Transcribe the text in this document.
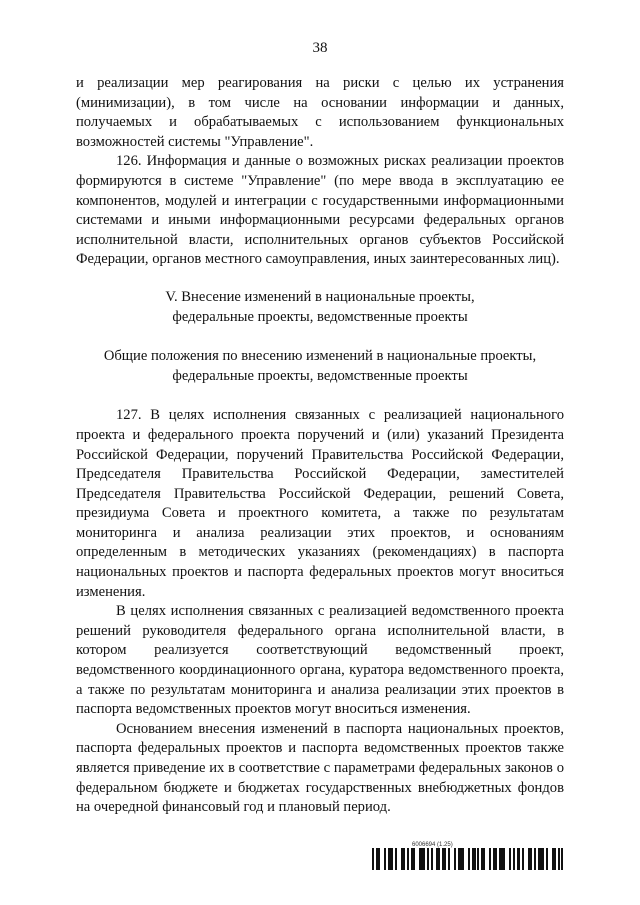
38

и реализации мер реагирования на риски с целью их устранения (минимизации), в том числе на основании информации и данных, получаемых и обрабатываемых с использованием функциональных возможностей системы "Управление".

126. Информация и данные о возможных рисках реализации проектов формируются в системе "Управление" (по мере ввода в эксплуатацию ее компонентов, модулей и интеграции с государственными информационными системами и иными информационными ресурсами федеральных органов исполнительной власти, исполнительных органов субъектов Российской Федерации, органов местного самоуправления, иных заинтересованных лиц).

V. Внесение изменений в национальные проекты,

федеральные проекты, ведомственные проекты

Общие положения по внесению изменений в национальные проекты,

федеральные проекты, ведомственные проекты

127. В целях исполнения связанных с реализацией национального проекта и федерального проекта поручений и (или) указаний Президента Российской Федерации, поручений Правительства Российской Федерации, Председателя Правительства Российской Федерации, заместителей Председателя Правительства Российской Федерации, решений Совета, президиума Совета и проектного комитета, а также по результатам мониторинга и анализа реализации этих проектов, и основаниям определенным в методических указаниях (рекомендациях) в паспорта национальных проектов и паспорта федеральных проектов могут вноситься изменения.

В целях исполнения связанных с реализацией ведомственного проекта решений руководителя федерального органа исполнительной власти, в котором реализуется соответствующий ведомственный проект, ведомственного координационного органа, куратора ведомственного проекта, а также по результатам мониторинга и анализа реализации этих проектов в паспорта ведомственных проектов могут вноситься изменения.

Основанием внесения изменений в паспорта национальных проектов, паспорта федеральных проектов и паспорта ведомственных проектов также является приведение их в соответствие с параметрами федеральных законов о федеральном бюджете и бюджетах государственных внебюджетных фондов на очередной финансовый год и плановый период.

6006694 (1.25)
